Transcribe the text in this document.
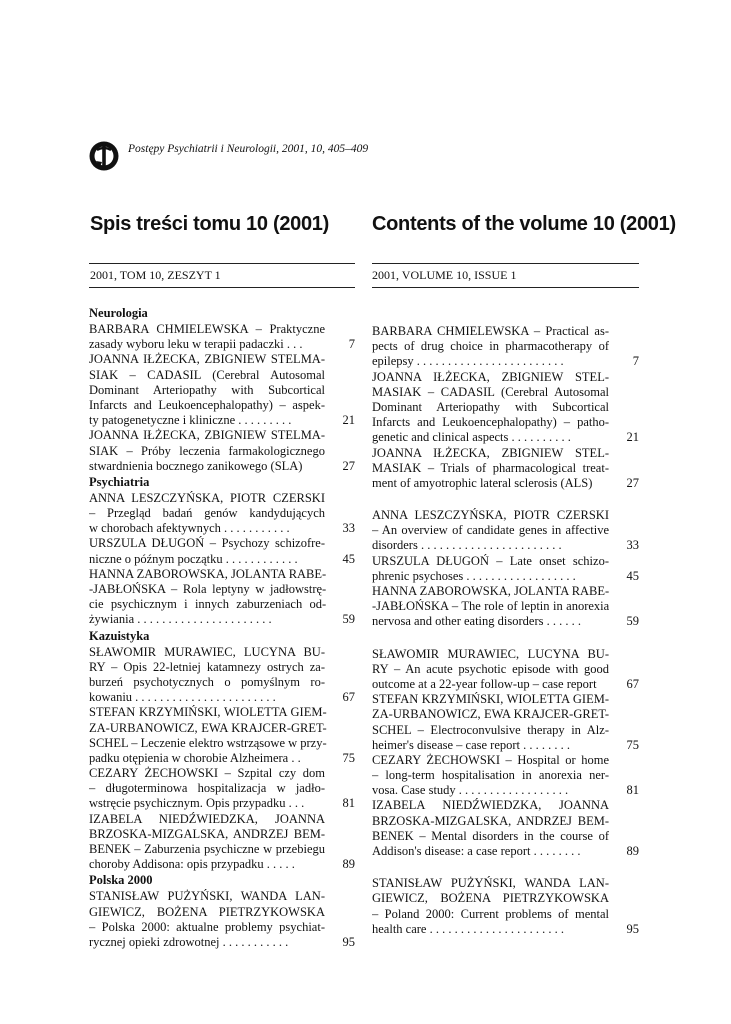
Postępy Psychiatrii i Neurologii, 2001, 10, 405–409
Spis treści tomu 10 (2001) Contents of the volume 10 (2001)
2001, TOM 10, ZESZYT 1	2001, VOLUME 10, ISSUE 1
Neurologia
BARBARA CHMIELEWSKA – Praktyczne
zasady wyboru leku w terapii padaczki . . .	7
JOANNA IŁŻECKA, ZBIGNIEW STELMA-
SIAK – CADASIL (Cerebral Autosomal
Dominant Arteriopathy with Subcortical
Infarcts and Leukoencephalopathy) – aspek-
ty patogenetyczne i kliniczne . . . . . . . . .	21
JOANNA IŁŻECKA, ZBIGNIEW STELMA-
SIAK – Próby leczenia farmakologicznego
stwardnienia bocznego zanikowego (SLA)	27
Psychiatria
ANNA LESZCZYŃSKA, PIOTR CZERSKI
– Przegląd badań genów kandydujących
w chorobach afektywnych . . . . . . . . . . .	33
URSZULA DŁUGOŃ – Psychozy schizofre-
niczne o późnym początku . . . . . . . . . . . .	45
HANNA ZABOROWSKA, JOLANTA RABE-
-JABŁOŃSKA – Rola leptyny w jadłowstrę-
cie psychicznym i innych zaburzeniach od-
żywiania . . . . . . . . . . . . . . . . . . . . . .	59
Kazuistyka
SŁAWOMIR MURAWIEC, LUCYNA BU-
RY – Opis 22-letniej katamnezy ostrych za-
burzeń psychotycznych o pomyślnym ro-
kowaniu . . . . . . . . . . . . . . . . . . . . . . .	67
STEFAN KRZYMIŃSKI, WIOLETTA GIEM-
ZA-URBANOWICZ, EWA KRAJCER-GRET-
SCHEL – Leczenie elektro wstrząsowe w przy-
padku otępienia w chorobie Alzheimera . .	75
CEZARY ŻECHOWSKI – Szpital czy dom
– długoterminowa hospitalizacja w jadło-
wstręcie psychicznym. Opis przypadku . . .	81
IZABELA NIEDŹWIEDZKA, JOANNA
BRZOSKA-MIZGALSKA, ANDRZEJ BEM-
BENEK – Zaburzenia psychiczne w przebiegu
choroby Addisona: opis przypadku . . . . .	89
Polska 2000
STANISŁAW PUŻYŃSKI, WANDA LAN-
GIEWICZ, BOŻENA PIETRZYKOWSKA
– Polska 2000: aktualne problemy psychiat-
rycznej opieki zdrowotnej . . . . . . . . . . .	95
BARBARA CHMIELEWSKA – Practical as-
pects of drug choice in pharmacotherapy of
epilepsy . . . . . . . . . . . . . . . . . . . . . . . .	7
JOANNA IŁŻECKA, ZBIGNIEW STEL-
MASIAK – CADASIL (Cerebral Autosomal
Dominant Arteriopathy with Subcortical
Infarcts and Leukoencephalopathy) – patho-
genetic and clinical aspects . . . . . . . . . .	21
JOANNA IŁŻECKA, ZBIGNIEW STEL-
MASIAK – Trials of pharmacological treat-
ment of amyotrophic lateral sclerosis (ALS)	27
ANNA LESZCZYŃSKA, PIOTR CZERSKI
– An overview of candidate genes in affective
disorders . . . . . . . . . . . . . . . . . . . . . . .	33
URSZULA DŁUGOŃ – Late onset schizo-
phrenic psychoses . . . . . . . . . . . . . . . . . .	45
HANNA ZABOROWSKA, JOLANTA RABE-
-JABŁOŃSKA – The role of leptin in anorexia
nervosa and other eating disorders . . . . . .	59
SŁAWOMIR MURAWIEC, LUCYNA BU-
RY – An acute psychotic episode with good
outcome at a 22-year follow-up – case report	67
STEFAN KRZYMIŃSKI, WIOLETTA GIEM-
ZA-URBANOWICZ, EWA KRAJCER-GRET-
SCHEL – Electroconvulsive therapy in Alz-
heimer's disease – case report . . . . . . . .	75
CEZARY ŻECHOWSKI – Hospital or home
– long-term hospitalisation in anorexia ner-
vosa. Case study . . . . . . . . . . . . . . . . . .	81
IZABELA NIEDŹWIEDZKA, JOANNA
BRZOSKA-MIZGALSKA, ANDRZEJ BEM-
BENEK – Mental disorders in the course of
Addison's disease: a case report . . . . . . . .	89
STANISŁAW PUŻYŃSKI, WANDA LAN-
GIEWICZ, BOŻENA PIETRZYKOWSKA
– Poland 2000: Current problems of mental
health care . . . . . . . . . . . . . . . . . . . . . .	95
